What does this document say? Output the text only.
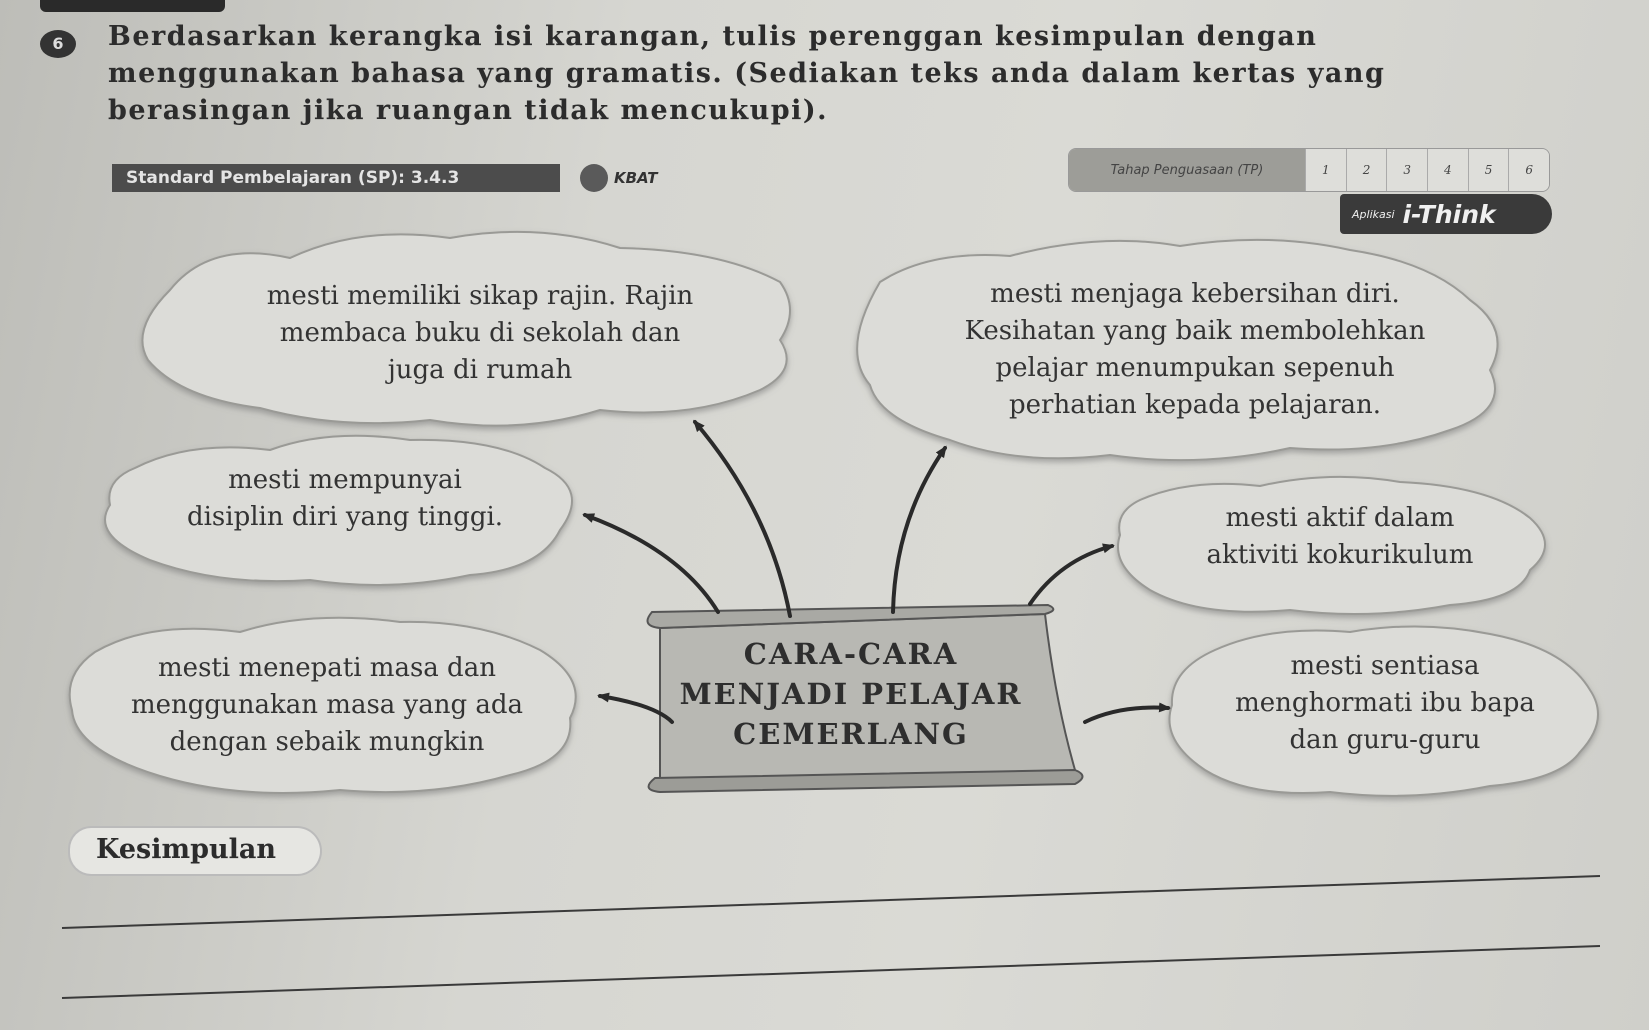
6	Berdasarkan kerangka isi karangan, tulis perenggan kesimpulan dengan menggunakan bahasa yang gramatis. (Sediakan teks anda dalam kertas yang berasingan jika ruangan tidak mencukupi).
Standard Pembelajaran (SP): 3.4.3	KBAT	Tahap Penguasaan (TP)	1	2	3	4	5	6
Aplikasi i-Think
mesti memiliki sikap rajin. Rajin
membaca buku di sekolah dan
juga di rumah
mesti mempunyai
disiplin diri yang tinggi.
mesti menepati masa dan
menggunakan masa yang ada
dengan sebaik mungkin
mesti menjaga kebersihan diri.
Kesihatan yang baik membolehkan
pelajar menumpukan sepenuh
perhatian kepada pelajaran.
mesti aktif dalam
aktiviti kokurikulum
mesti sentiasa
menghormati ibu bapa
dan guru-guru
CARA-CARA
MENJADI PELAJAR
CEMERLANG
Kesimpulan
